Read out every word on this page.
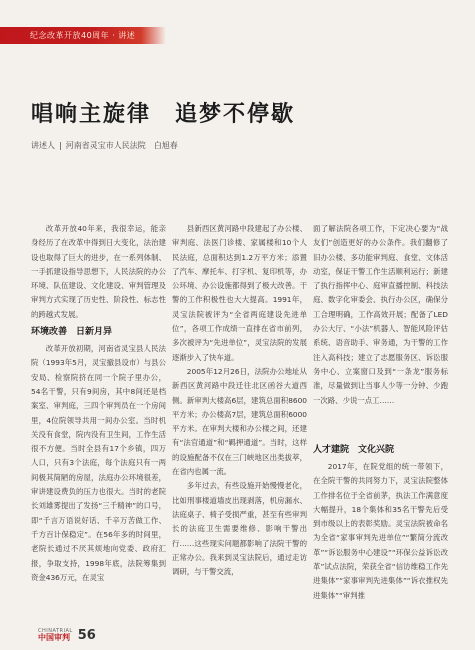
纪念改革开放40周年 · 讲述
唱响主旋律　追梦不停歇
讲述人 | 河南省灵宝市人民法院　白旭春

改革开放40年来，我很幸运，能亲身经历了在改革中得到日大变化，法治建设也取得了巨大的进步，在一系列体制、一手抓建设指导思想下，人民法院的办公环境、队伍建设、文化建设、审判管理及审判方式实现了历史性、阶段性、标志性的跨越式发展。

环境改善　日新月异

改革开放初期，河南省灵宝县人民法院（1993年5月，灵宝撤县设市）与县公安局、检察院挤在同一个院子里办公，54名干警，只有9间房，其中8间还是档案室、审判庭，三四个审判员在一个房间里，4位院领导共用一间办公室。当时机关没有食堂，院内没有卫生间，工作生活很不方便。当时全县有17个乡镇，四万人口，只有3个法庭，每个法庭只有一两间极其简陋的房屋，法庭办公环境很差，审讲建设费负的压力也很大。当时的老院长刘雄雾提出了发扬“三千精神”的口号，即“千言万语说好话、千辛万苦做工作、千方百计保稳定”。在56年多的时间里，老院长通过不厌其烦地向党委、政府汇报，争取支持，1998年底，法院筹集到资金436万元，在灵宝

县新西区黄河路中段建起了办公楼、审判庭、法医门诊楼、家属楼和10个人民法庭，总面积达到1.2万平方米；添置了汽车、摩托车、打字机、复印机等，办公环境、办公设施都得到了极大改善。干警的工作积极性也大大提高。1991年，灵宝法院被评为“全省两庭建设先进单位”，各项工作成绩一直排在省市前列，多次被评为“先进单位”，灵宝法院的发展逐渐步入了快车道。

2005年12月26日，法院办公地址从新西区黄河路中段迁往北区函谷大道西侧。新审判大楼高6层，建筑总面积8600平方米；办公楼高7层，建筑总面积6000平方米。在审判大楼和办公楼之间，还建有“法官通道”和“羁押通道”。当时，这样的设施配备不仅在三门峡地区出类拔萃，在省内也属一流。

多年过去，有些设施开始慢慢老化，比如刑事楼道墙皮出现剥落，机房漏水、法庭桌子、椅子受损严重，甚至有些审判长的法庭卫生需要维修、影响干警出行……这些现实问题都影响了法院干警的正常办公。我来到灵宝法院后，通过走访调研，与干警交流，

面了解法院各项工作，下定决心要为“战友们”创造更好的办公条件。我们翻修了旧办公楼、多功能审判庭、食堂、文体活动室，保证干警工作生活顺利运行；新建了执行指挥中心、庭审直播控制、科技法庭、数字化审委会、执行办公区，确保分工合理明确，工作高效开展；配备了LED办公大厅、“小法”机器人、智能风险评估系统、语音助手、审务通，为干警的工作注入高科技；建立了志愿服务区、诉讼服务中心、立案窗口及到“一条龙”服务标准，尽量做到让当事人少等一分钟、少跑一次路、少说一点工……

人才建院　文化兴院

2017年，在院党组的统一带领下，在全院干警的共同努力下，灵宝法院整体工作排名位于全省前茅，执法工作满意度大幅提升，18个集体和35名干警先后受到市级以上的表彰奖励。灵宝法院被命名为全省“家事审判先进单位”“繁简分流改革”“诉讼服务中心建设”“环保公益诉讼改革”试点法院，荣获全省“信访维稳工作先进集体”“家事审判先进集体”“诉衣推权先进集体”“审判推

CHINATRIAL
中国审判 56
